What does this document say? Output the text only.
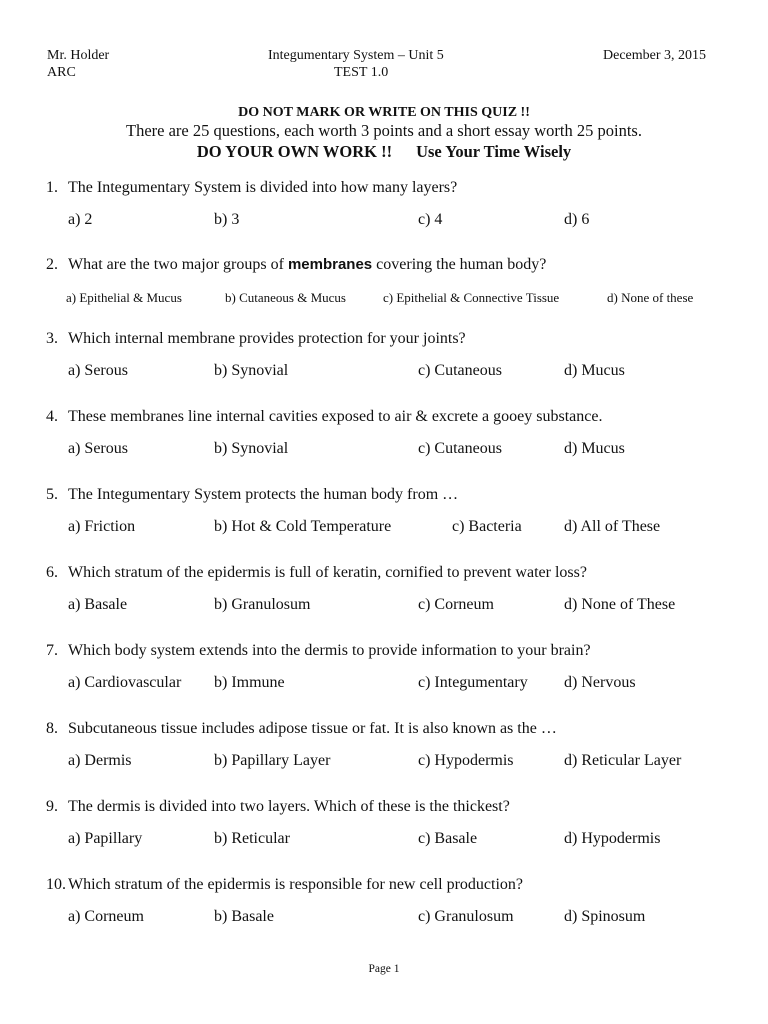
Mr. Holder
ARC
Integumentary System – Unit 5
TEST 1.0
December 3, 2015
DO NOT MARK OR WRITE ON THIS QUIZ !!
There are 25 questions, each worth 3 points and a short essay worth 25 points.
DO YOUR OWN WORK !! Use Your Time Wisely
1. The Integumentary System is divided into how many layers?
a) 2	b) 3	c) 4	d) 6
2. What are the two major groups of membranes covering the human body?
a) Epithelial & Mucus	b) Cutaneous & Mucus	c) Epithelial & Connective Tissue	d) None of these
3. Which internal membrane provides protection for your joints?
a) Serous	b) Synovial	c) Cutaneous	d) Mucus
4. These membranes line internal cavities exposed to air & excrete a gooey substance.
a) Serous	b) Synovial	c) Cutaneous	d) Mucus
5. The Integumentary System protects the human body from …
a) Friction	b) Hot & Cold Temperature	c) Bacteria	d) All of These
6. Which stratum of the epidermis is full of keratin, cornified to prevent water loss?
a) Basale	b) Granulosum	c) Corneum	d) None of These
7. Which body system extends into the dermis to provide information to your brain?
a) Cardiovascular b) Immune	c) Integumentary d) Nervous
8. Subcutaneous tissue includes adipose tissue or fat. It is also known as the …
a) Dermis	b) Papillary Layer	c) Hypodermis	d) Reticular Layer
9. The dermis is divided into two layers. Which of these is the thickest?
a) Papillary	b) Reticular	c) Basale	d) Hypodermis
10. Which stratum of the epidermis is responsible for new cell production?
a) Corneum	b) Basale	c) Granulosum	d) Spinosum
Page 1
